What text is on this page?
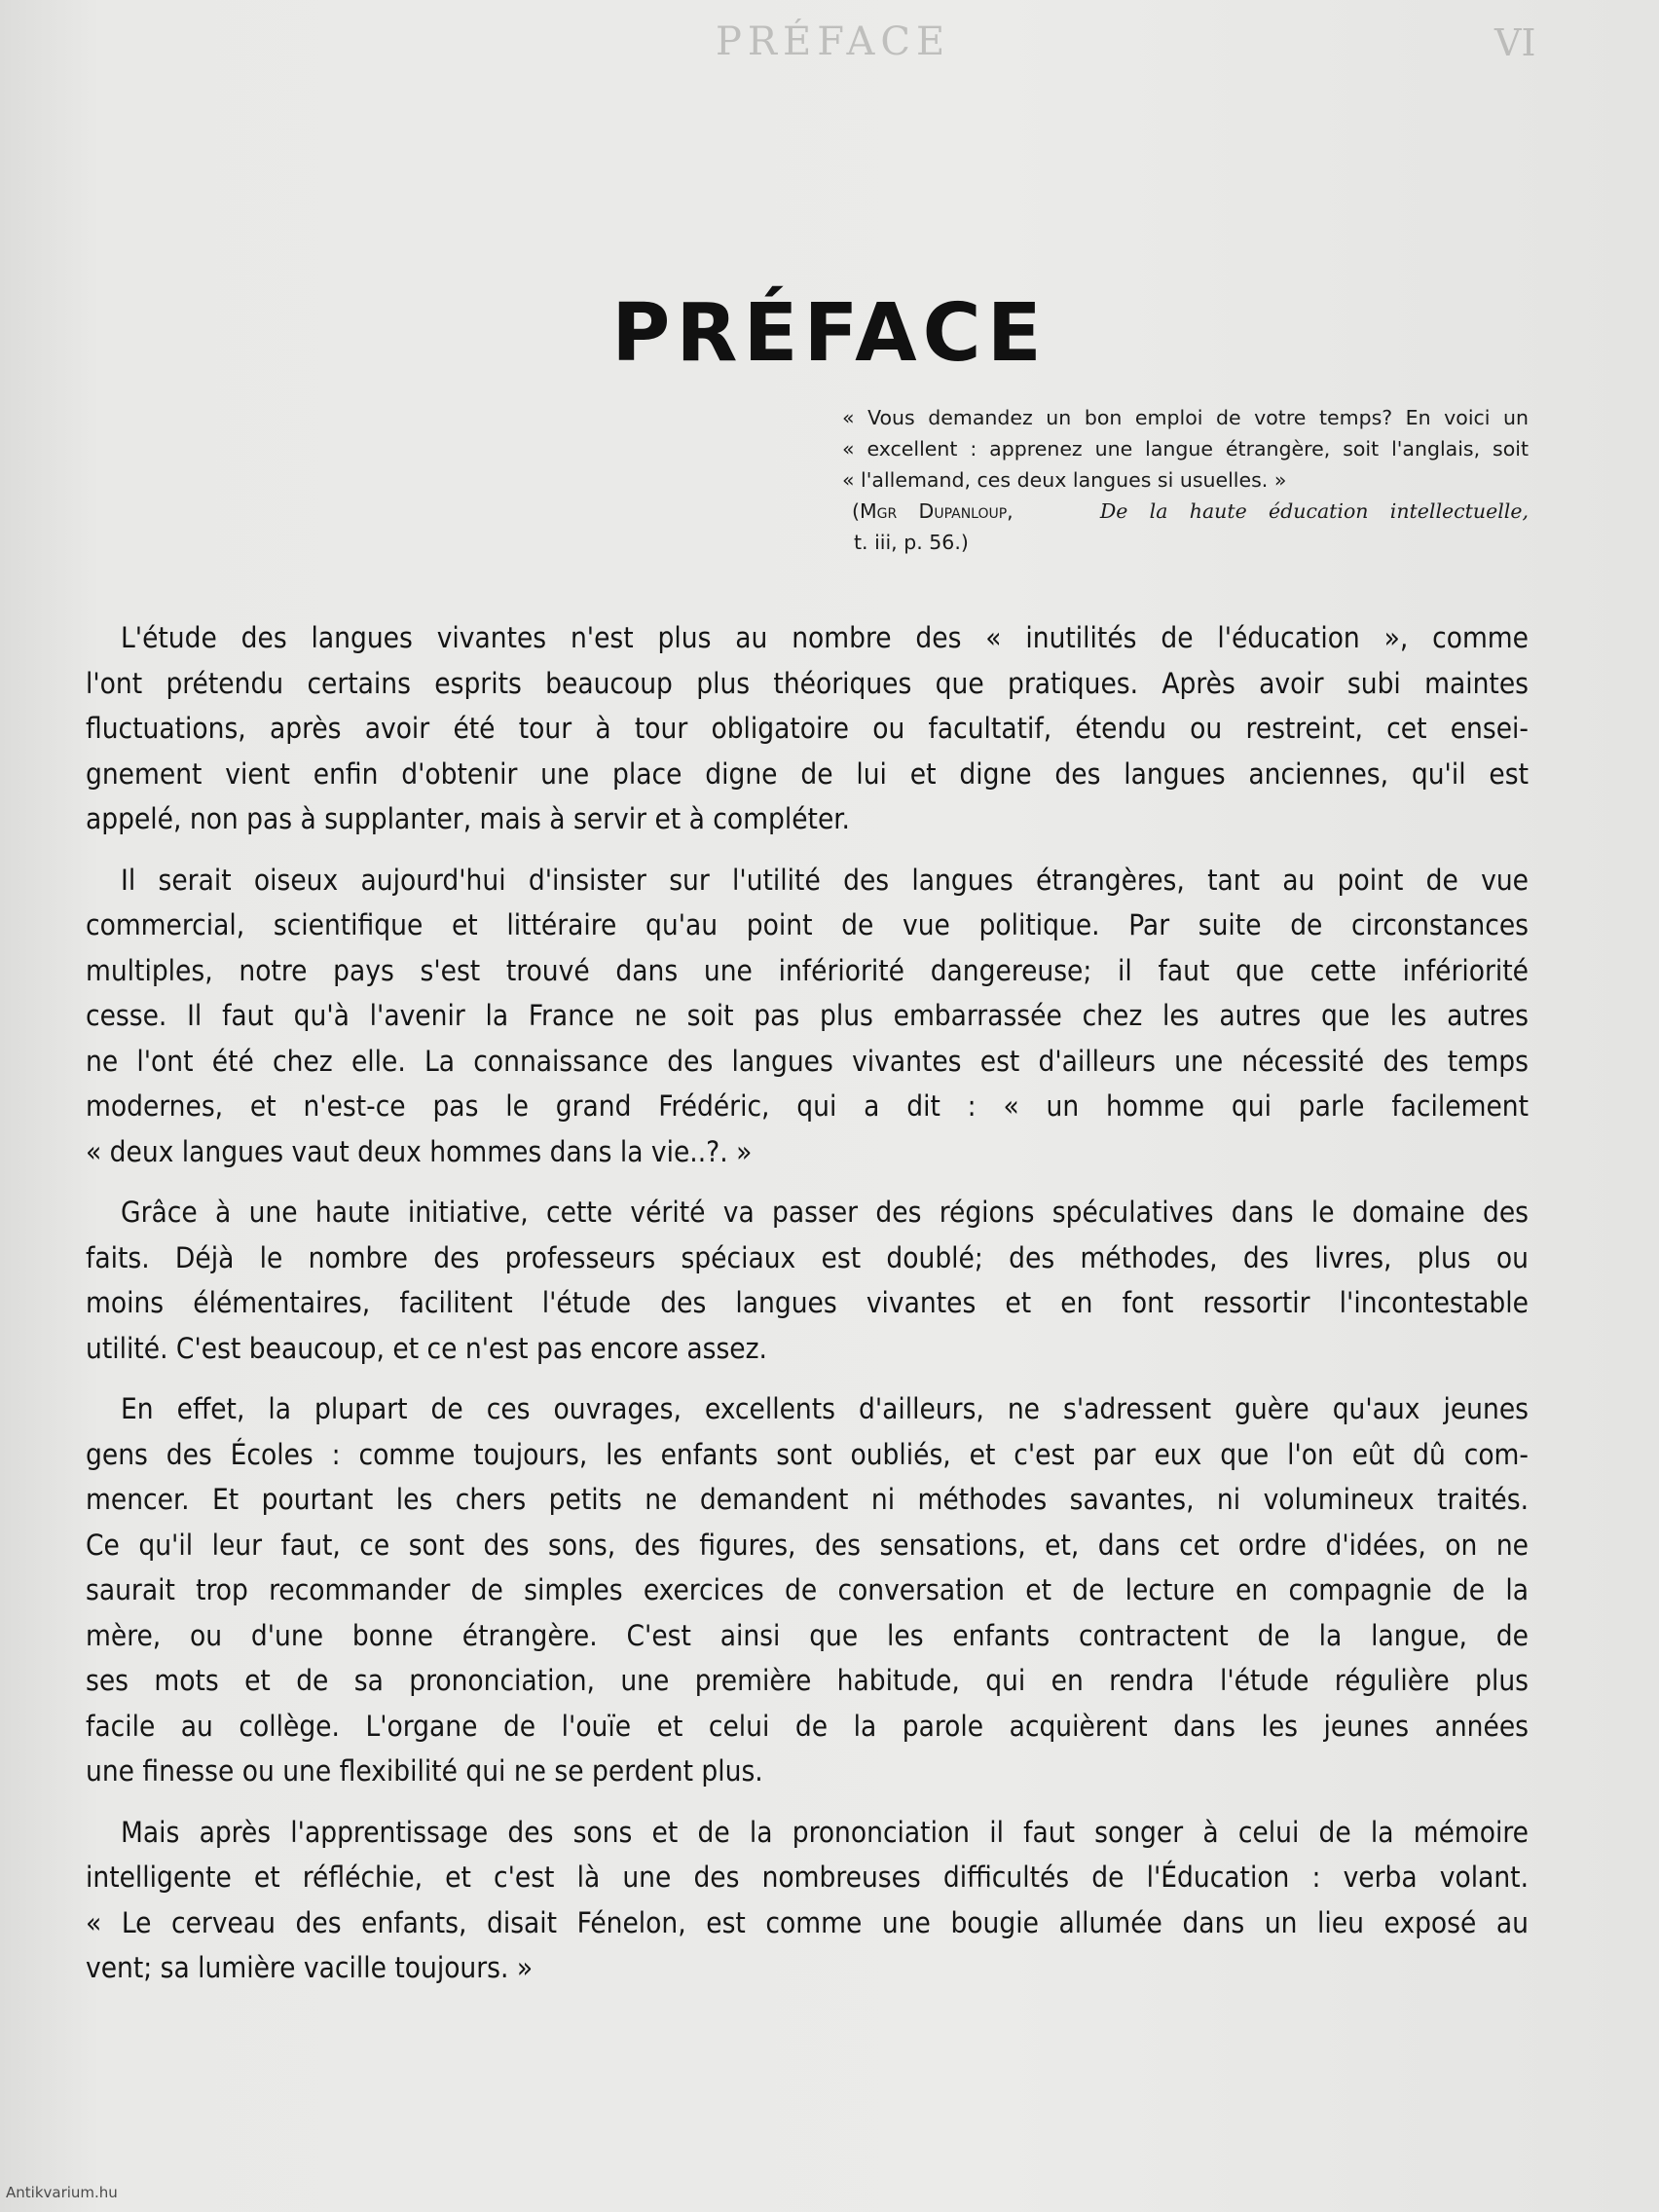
PRÉFACE	VI
PRÉFACE
« Vous demandez un bon emploi de votre temps? En voici un
« excellent : apprenez une langue étrangère, soit l'anglais, soit
« l'allemand, ces deux langues si usuelles. »
(Mgr Dupanloup,	De la haute éducation intellectuelle,
t. iii, p. 56.)
L'étude des langues vivantes n'est plus au nombre des « inutilités de l'éducation », comme
l'ont prétendu certains esprits beaucoup plus théoriques que pratiques. Après avoir subi maintes
fluctuations, après avoir été tour à tour obligatoire ou facultatif, étendu ou restreint, cet ensei-
gnement vient enfin d'obtenir une place digne de lui et digne des langues anciennes, qu'il est
appelé, non pas à supplanter, mais à servir et à compléter.
Il serait oiseux aujourd'hui d'insister sur l'utilité des langues étrangères, tant au point de vue
commercial, scientifique et littéraire qu'au point de vue politique. Par suite de circonstances
multiples, notre pays s'est trouvé dans une infériorité dangereuse; il faut que cette infériorité
cesse. Il faut qu'à l'avenir la France ne soit pas plus embarrassée chez les autres que les autres
ne l'ont été chez elle. La connaissance des langues vivantes est d'ailleurs une nécessité des temps
modernes, et n'est-ce pas le grand Frédéric, qui a dit : « un homme qui parle facilement
« deux langues vaut deux hommes dans la vie..?. »
Grâce à une haute initiative, cette vérité va passer des régions spéculatives dans le domaine des
faits. Déjà le nombre des professeurs spéciaux est doublé; des méthodes, des livres, plus ou
moins élémentaires, facilitent l'étude des langues vivantes et en font ressortir l'incontestable
utilité. C'est beaucoup, et ce n'est pas encore assez.
En effet, la plupart de ces ouvrages, excellents d'ailleurs, ne s'adressent guère qu'aux jeunes
gens des Écoles : comme toujours, les enfants sont oubliés, et c'est par eux que l'on eût dû com-
mencer. Et pourtant les chers petits ne demandent ni méthodes savantes, ni volumineux traités.
Ce qu'il leur faut, ce sont des sons, des figures, des sensations, et, dans cet ordre d'idées, on ne
saurait trop recommander de simples exercices de conversation et de lecture en compagnie de la
mère, ou d'une bonne étrangère. C'est ainsi que les enfants contractent de la langue, de
ses mots et de sa prononciation, une première habitude, qui en rendra l'étude régulière plus
facile au collège. L'organe de l'ouïe et celui de la parole acquièrent dans les jeunes années
une finesse ou une flexibilité qui ne se perdent plus.
Mais après l'apprentissage des sons et de la prononciation il faut songer à celui de la mémoire
intelligente et réfléchie, et c'est là une des nombreuses difficultés de l'Éducation : verba volant.
« Le cerveau des enfants, disait Fénelon, est comme une bougie allumée dans un lieu exposé au
vent; sa lumière vacille toujours. »
Antikvarium.hu
